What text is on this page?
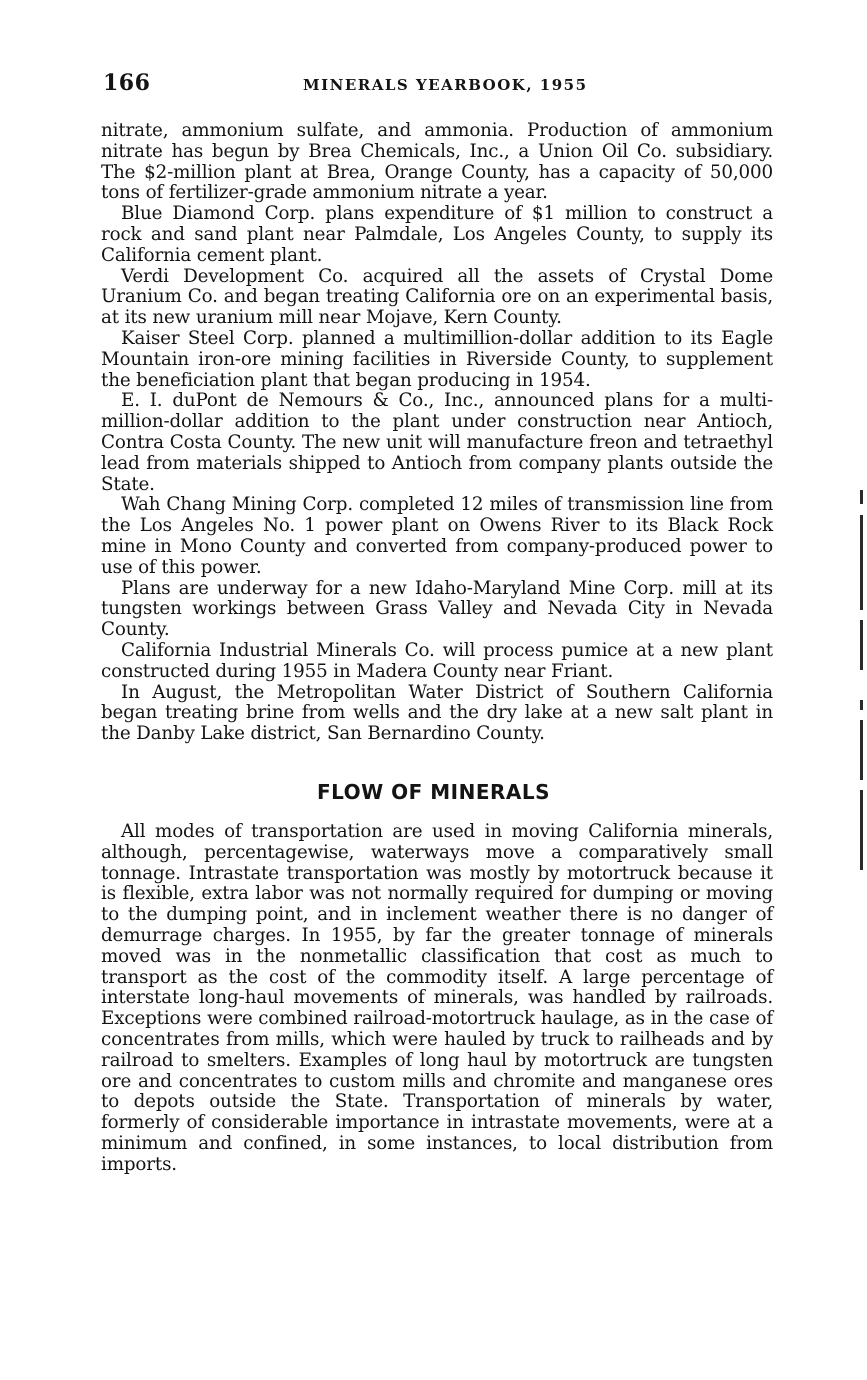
166	MINERALS YEARBOOK, 1955

nitrate, ammonium sulfate, and ammonia. Production of ammonium nitrate has begun by Brea Chemicals, Inc., a Union Oil Co. subsidiary. The $2-million plant at Brea, Orange County, has a capacity of 50,000 tons of fertilizer-grade ammonium nitrate a year.

Blue Diamond Corp. plans expenditure of $1 million to construct a rock and sand plant near Palmdale, Los Angeles County, to supply its California cement plant.

Verdi Development Co. acquired all the assets of Crystal Dome Uranium Co. and began treating California ore on an experimental basis, at its new uranium mill near Mojave, Kern County.

Kaiser Steel Corp. planned a multimillion-dollar addition to its Eagle Mountain iron-ore mining facilities in Riverside County, to supplement the beneficiation plant that began producing in 1954.

E. I. duPont de Nemours & Co., Inc., announced plans for a multi-million-dollar addition to the plant under construction near Antioch, Contra Costa County. The new unit will manufacture freon and tetraethyl lead from materials shipped to Antioch from company plants outside the State.

Wah Chang Mining Corp. completed 12 miles of transmission line from the Los Angeles No. 1 power plant on Owens River to its Black Rock mine in Mono County and converted from company-produced power to use of this power.

Plans are underway for a new Idaho-Maryland Mine Corp. mill at its tungsten workings between Grass Valley and Nevada City in Nevada County.

California Industrial Minerals Co. will process pumice at a new plant constructed during 1955 in Madera County near Friant.

In August, the Metropolitan Water District of Southern California began treating brine from wells and the dry lake at a new salt plant in the Danby Lake district, San Bernardino County.

FLOW OF MINERALS

All modes of transportation are used in moving California minerals, although, percentagewise, waterways move a comparatively small tonnage. Intrastate transportation was mostly by motortruck because it is flexible, extra labor was not normally required for dumping or moving to the dumping point, and in inclement weather there is no danger of demurrage charges. In 1955, by far the greater tonnage of minerals moved was in the nonmetallic classification that cost as much to transport as the cost of the commodity itself. A large percentage of interstate long-haul movements of minerals, was handled by railroads. Exceptions were combined railroad-motortruck haulage, as in the case of concentrates from mills, which were hauled by truck to railheads and by railroad to smelters. Examples of long haul by motortruck are tungsten ore and concentrates to custom mills and chromite and manganese ores to depots outside the State. Transportation of minerals by water, formerly of considerable importance in intrastate movements, were at a minimum and confined, in some instances, to local distribution from imports.
